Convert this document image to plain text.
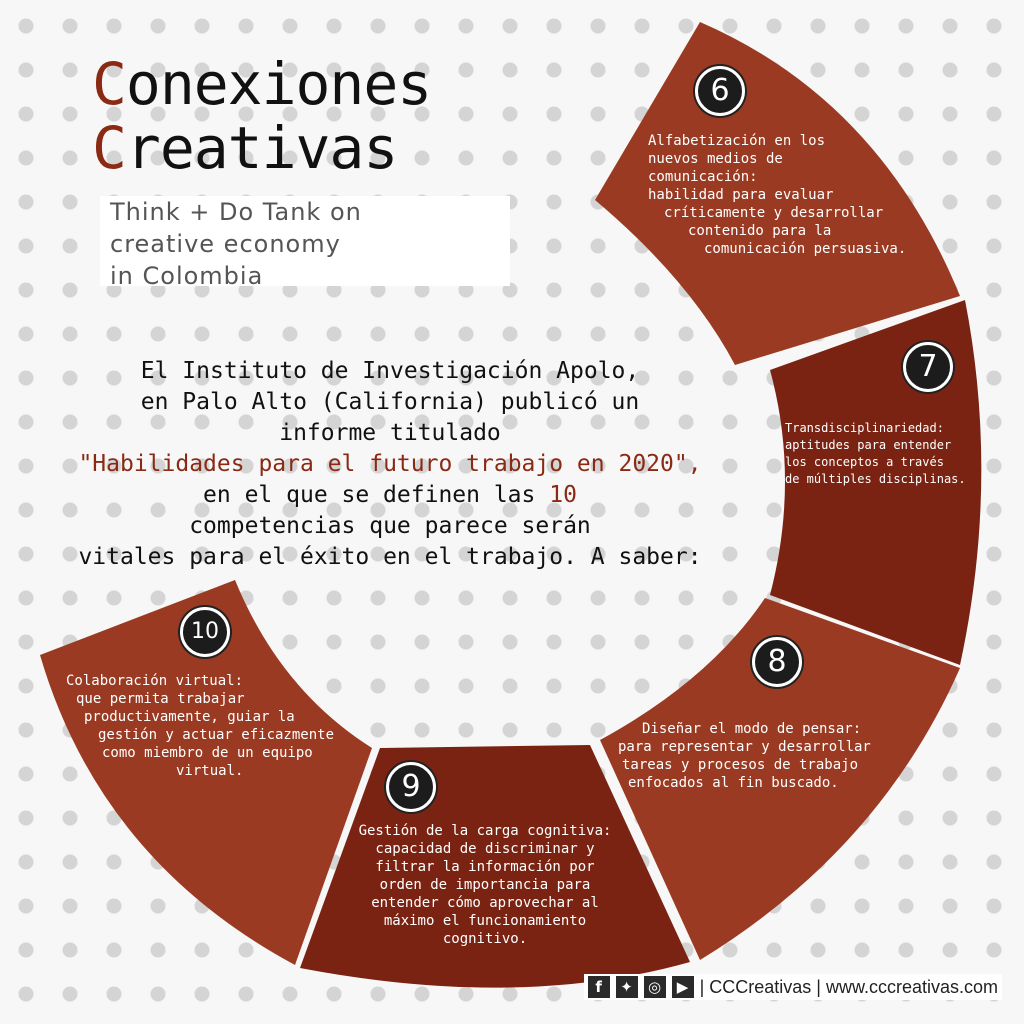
Conexiones
Creativas
Think + Do Tank on
creative economy
in Colombia
El Instituto de Investigación Apolo,
en Palo Alto (California) publicó un
informe titulado
"Habilidades para el futuro trabajo en 2020",
en el que se definen las 10
competencias que parece serán
vitales para el éxito en el trabajo. A saber:
6
Alfabetización en los
nuevos medios de
comunicación:
habilidad para evaluar
críticamente y desarrollar
contenido para la
comunicación persuasiva.
7
Transdisciplinariedad:
aptitudes para entender
los conceptos a través
de múltiples disciplinas.
8
Diseñar el modo de pensar:
para representar y desarrollar
tareas y procesos de trabajo
enfocados al fin buscado.
9
Gestión de la carga cognitiva:
capacidad de discriminar y
filtrar la información por
orden de importancia para
entender cómo aprovechar al
máximo el funcionamiento
cognitivo.
10
Colaboración virtual:
que permita trabajar
productivamente, guiar la
gestión y actuar eficazmente
como miembro de un equipo
virtual.
f	✦	◎	▶ | CCCreativas | www.cccreativas.com
